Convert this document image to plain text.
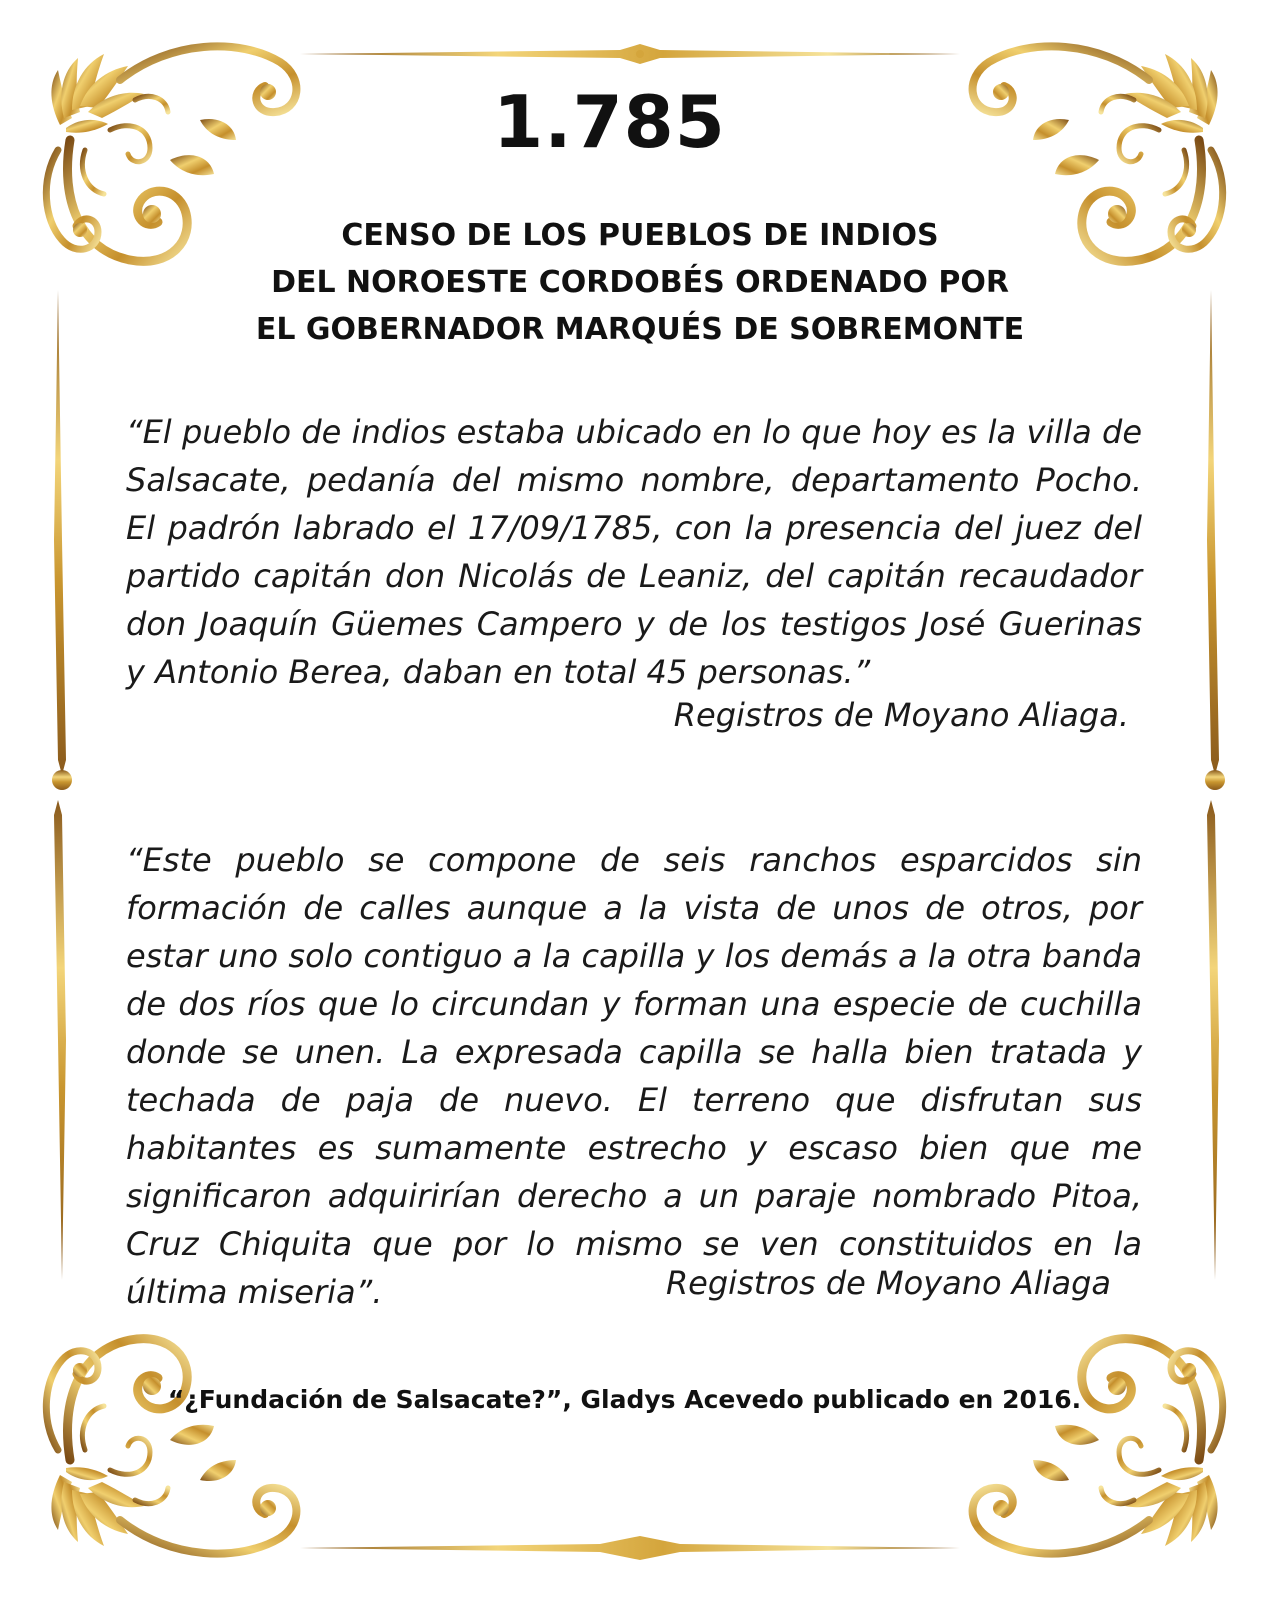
1.785
CENSO DE LOS PUEBLOS DE INDIOS
DEL NOROESTE CORDOBÉS ORDENADO POR
EL GOBERNADOR MARQUÉS DE SOBREMONTE

“El pueblo de indios estaba ubicado en lo que hoy es la villa de Salsacate, pedanía del mismo nombre, departamento Pocho. El padrón labrado el 17/09/1785, con la presencia del juez del partido capitán don Nicolás de Leaniz, del capitán recaudador don Joaquín Güemes Campero y de los testigos José Guerinas y Antonio Berea, daban en total 45 personas.”

Registros de Moyano Aliaga.

“Este pueblo se compone de seis ranchos esparcidos sin formación de calles aunque a la vista de unos de otros, por estar uno solo contiguo a la capilla y los demás a la otra banda de dos ríos que lo circundan y forman una especie de cuchilla donde se unen. La expresada capilla se halla bien tratada y techada de paja de nuevo. El terreno que disfrutan sus habitantes es sumamente estrecho y escaso bien que me significaron adquirirían derecho a un paraje nombrado Pitoa, Cruz Chiquita que por lo mismo se ven constituidos en la última miseria”.	Registros de Moyano Aliaga

“¿Fundación de Salsacate?”, Gladys Acevedo publicado en 2016.
